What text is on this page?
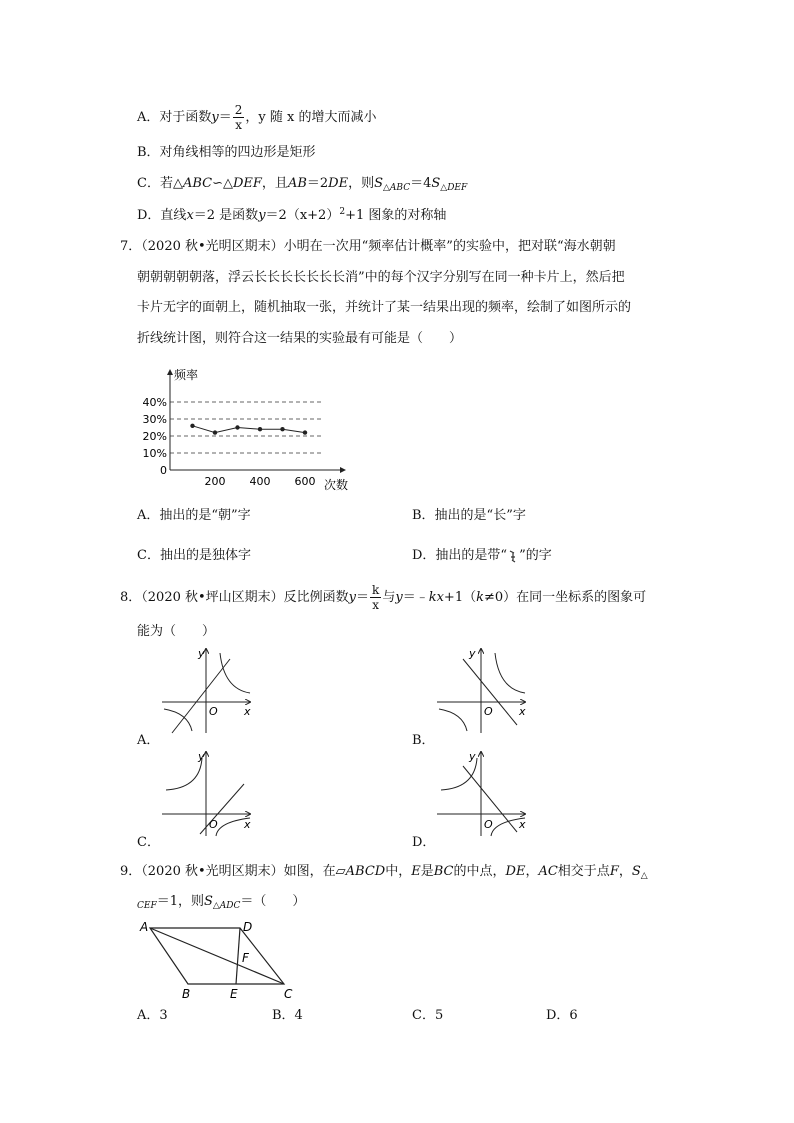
A．对于函数$y= \frac{2}{x}$ ，y 随 x 的增大而减小
B．对角线相等的四边形是矩形
C．若△ABC∽△DEF，且AB＝2DE，则$S_{\triangle ABC}=4S_{\triangle DEF}$
D．直线x＝2 是函数$y=2(x+2)^2+1$ 图象的对称轴
7．（2020 秋•光明区期末）小明在一次用“频率估计概率”的实验中，把对联“海水朝朝
朝朝朝朝朝落，浮云长长长长长长长消”中的每个汉字分别写在同一种卡片上，然后把
卡片无字的面朝上，随机抽取一张，并统计了某一结果出现的频率，绘制了如图所示的
折线统计图，则符合这一结果的实验最有可能是（　　）
0
10%
20%
30%
40%
200 400 600
频率
次数
A．抽出的是“朝”字	B．抽出的是“长”字
C．抽出的是独体字	D．抽出的是带“ ”的字
8．（2020 秋•坪山区期末）反比例函数$y= \frac{k}{x}$ 与y＝﹣kx+1（k≠0）在同一坐标系的图象可
能为（　　）
A．
y
O x
B．
y
O x
C．
y
O x
D．
y
O x
9．（2020 秋•光明区期末）如图，在▱ABCD中，E是BC的中点，DE，AC相交于点F，$S_\triangle$
$_{CEF}$＝1，则$S_{\triangle ADC}=$（　　）
A	D
B	E	C
F
A．3	B．4	C．5	D．6
